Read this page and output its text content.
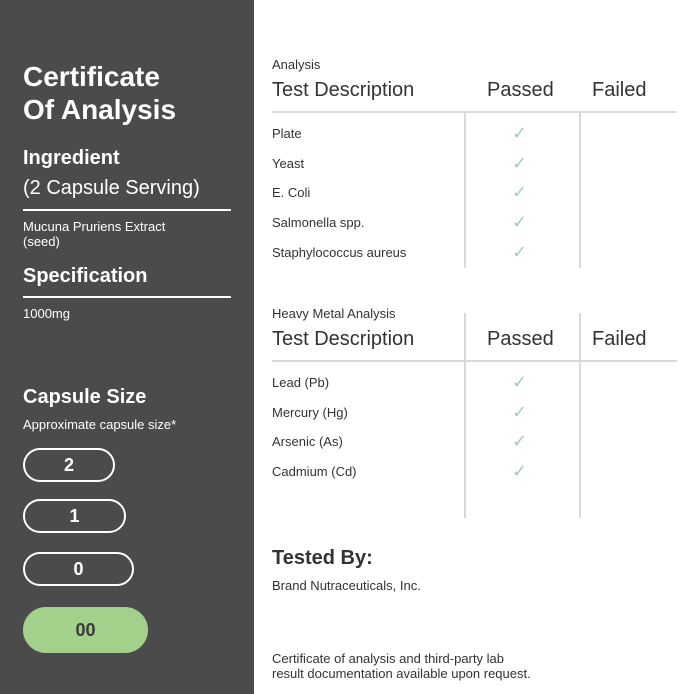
Certificate
Of Analysis
Ingredient
(2 Capsule Serving)
Mucuna Pruriens Extract
(seed)
Specification
1000mg
Capsule Size
Approximate capsule size*
2
1
0
00
Analysis
Test Description	Passed Failed
Plate	✓
Yeast	✓
E. Coli	✓
Salmonella spp.	✓
Staphylococcus aureus	✓
Heavy Metal Analysis
Test Description	Passed Failed
Lead (Pb)	✓
Mercury (Hg)	✓
Arsenic (As)	✓
Cadmium (Cd)	✓
Tested By:
Brand Nutraceuticals, Inc.
Certificate of analysis and third-party lab
result documentation available upon request.
